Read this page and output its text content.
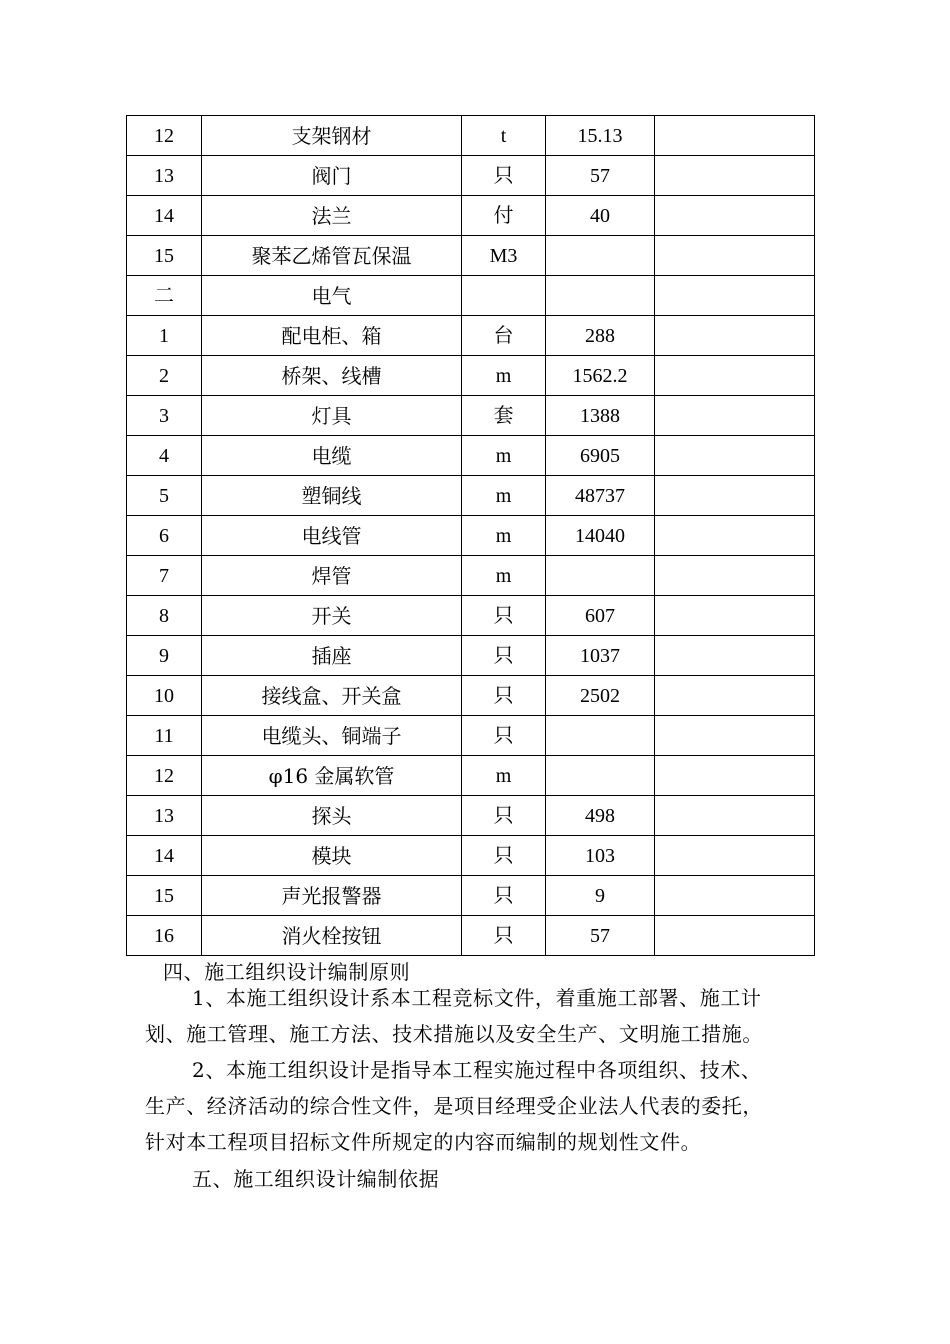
12	支架钢材	t	15.13	
13	阀门	只	57	
14	法兰	付	40	
15	聚苯乙烯管瓦保温	M3		
二	电气			
1	配电柜、箱	台	288	
2	桥架、线槽	m	1562.2	
3	灯具	套	1388	
4	电缆	m	6905	
5	塑铜线	m	48737	
6	电线管	m	14040	
7	焊管	m		
8	开关	只	607	
9	插座	只	1037	
10	接线盒、开关盒	只	2502	
11	电缆头、铜端子	只		
12	φ16 金属软管	m		
13	探头	只	498	
14	模块	只	103	
15	声光报警器	只	9	
16	消火栓按钮	只	57	
四、施工组织设计编制原则
1、本施工组织设计系本工程竞标文件，着重施工部署、施工计
划、施工管理、施工方法、技术措施以及安全生产、文明施工措施。
2、本施工组织设计是指导本工程实施过程中各项组织、技术、
生产、经济活动的综合性文件，是项目经理受企业法人代表的委托，
针对本工程项目招标文件所规定的内容而编制的规划性文件。
五、施工组织设计编制依据
